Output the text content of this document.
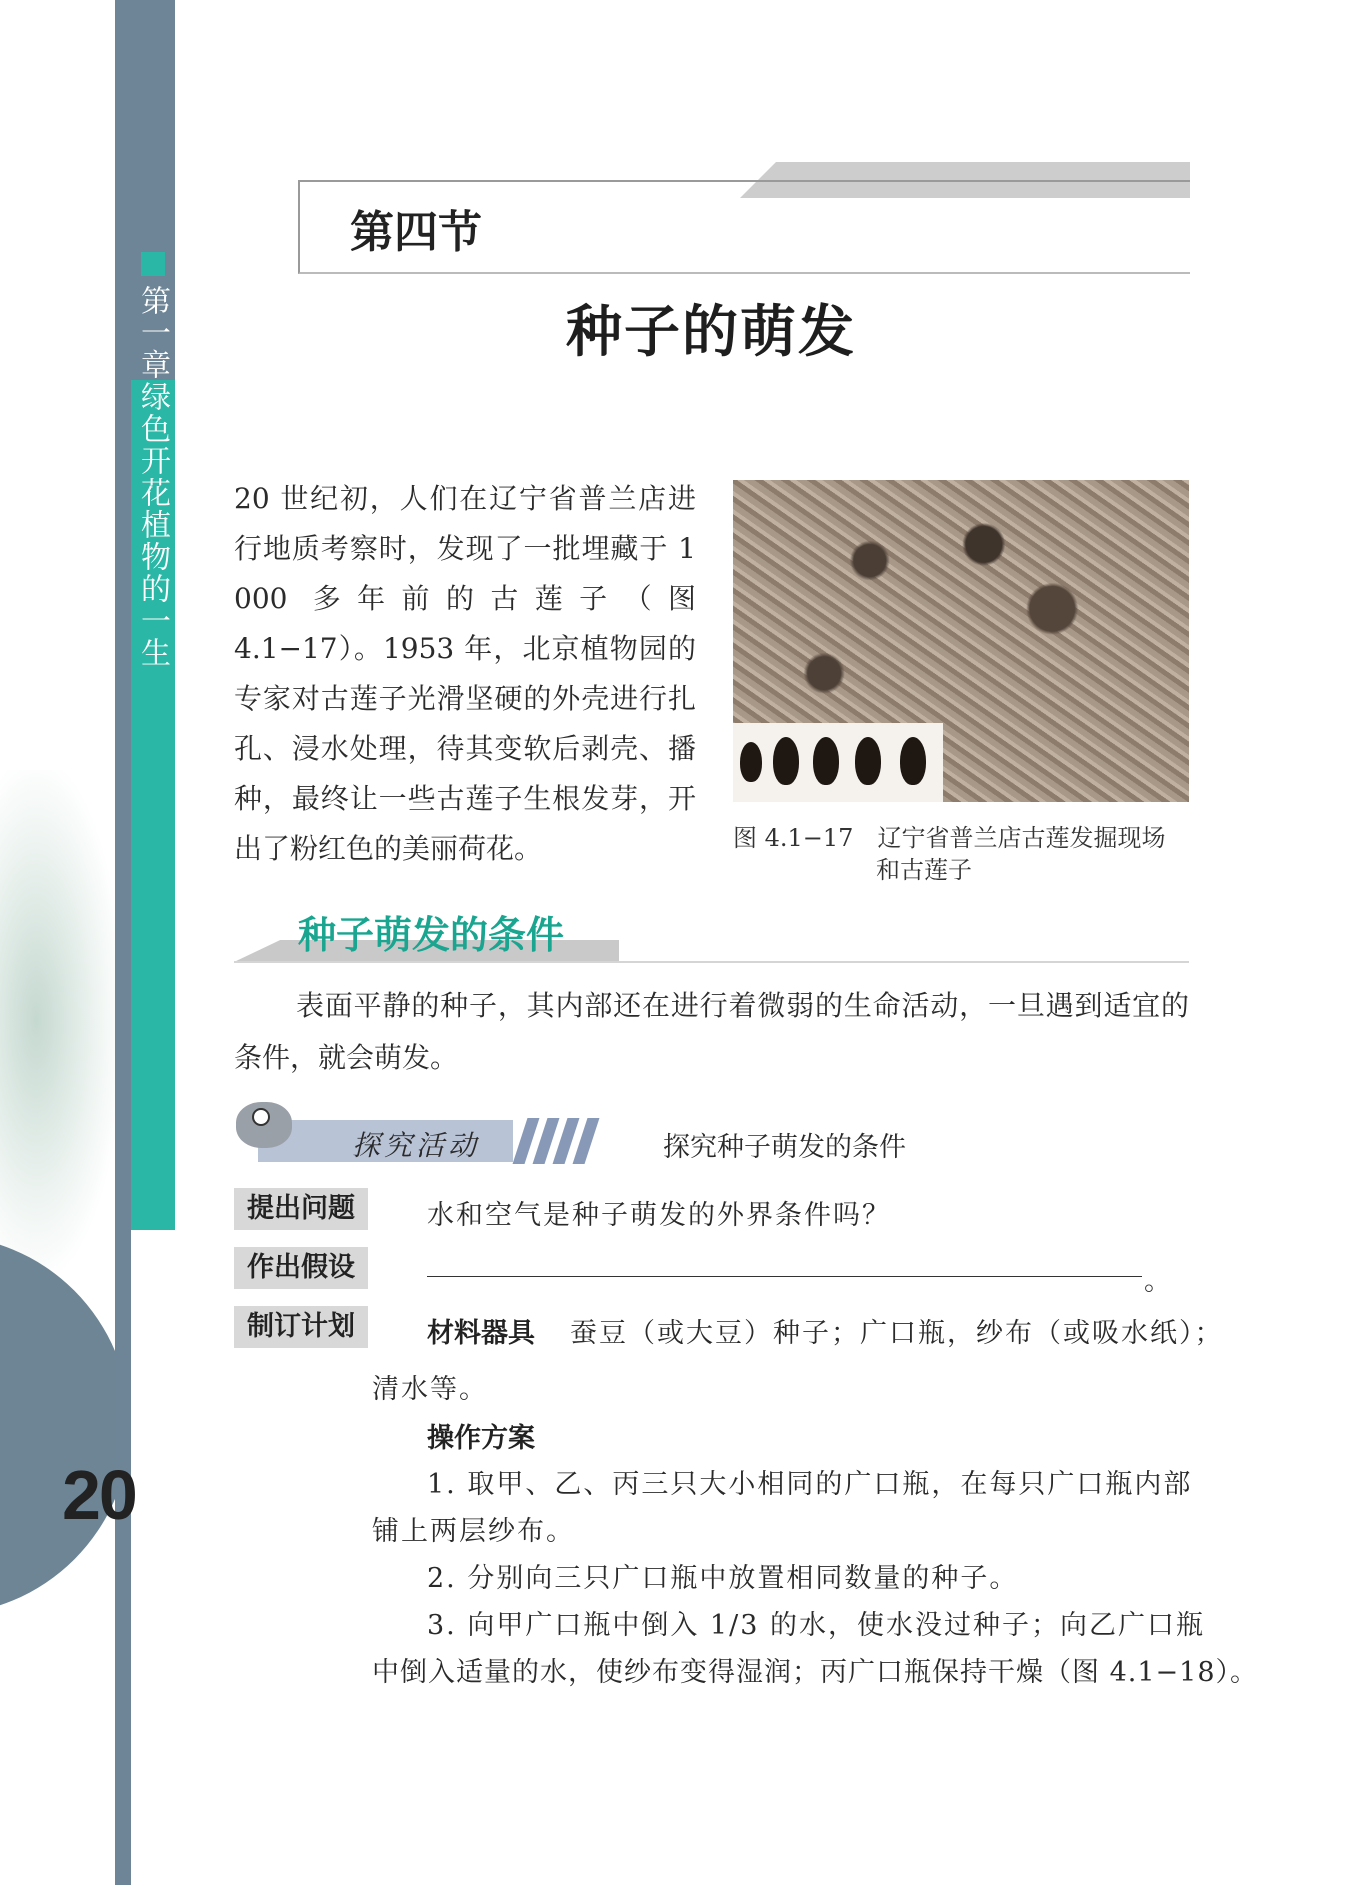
第一章绿色开花植物的一生
20
第四节
种子的萌发
20 世纪初，人们在辽宁省普兰店进行地质考察时，发现了一批埋藏于 1 000 多年前的古莲子（图 4.1−17）。1953 年，北京植物园的专家对古莲子光滑坚硬的外壳进行扎孔、浸水处理，待其变软后剥壳、播种，最终让一些古莲子生根发芽，开出了粉红色的美丽荷花。	图 4.1−17　辽宁省普兰店古莲发掘现场
和古莲子
种子萌发的条件
表面平静的种子，其内部还在进行着微弱的生命活动，一旦遇到适宜的条件，就会萌发。
探究活动	探究种子萌发的条件
提出问题	水和空气是种子萌发的外界条件吗？
作出假设	。
制订计划	材料器具 蚕豆（或大豆）种子；广口瓶，纱布（或吸水纸）；
清水等。
操作方案
1. 取甲、乙、丙三只大小相同的广口瓶，在每只广口瓶内部
铺上两层纱布。
2. 分别向三只广口瓶中放置相同数量的种子。
3. 向甲广口瓶中倒入 1/3 的水，使水没过种子；向乙广口瓶
中倒入适量的水，使纱布变得湿润；丙广口瓶保持干燥（图 4.1−18）。
